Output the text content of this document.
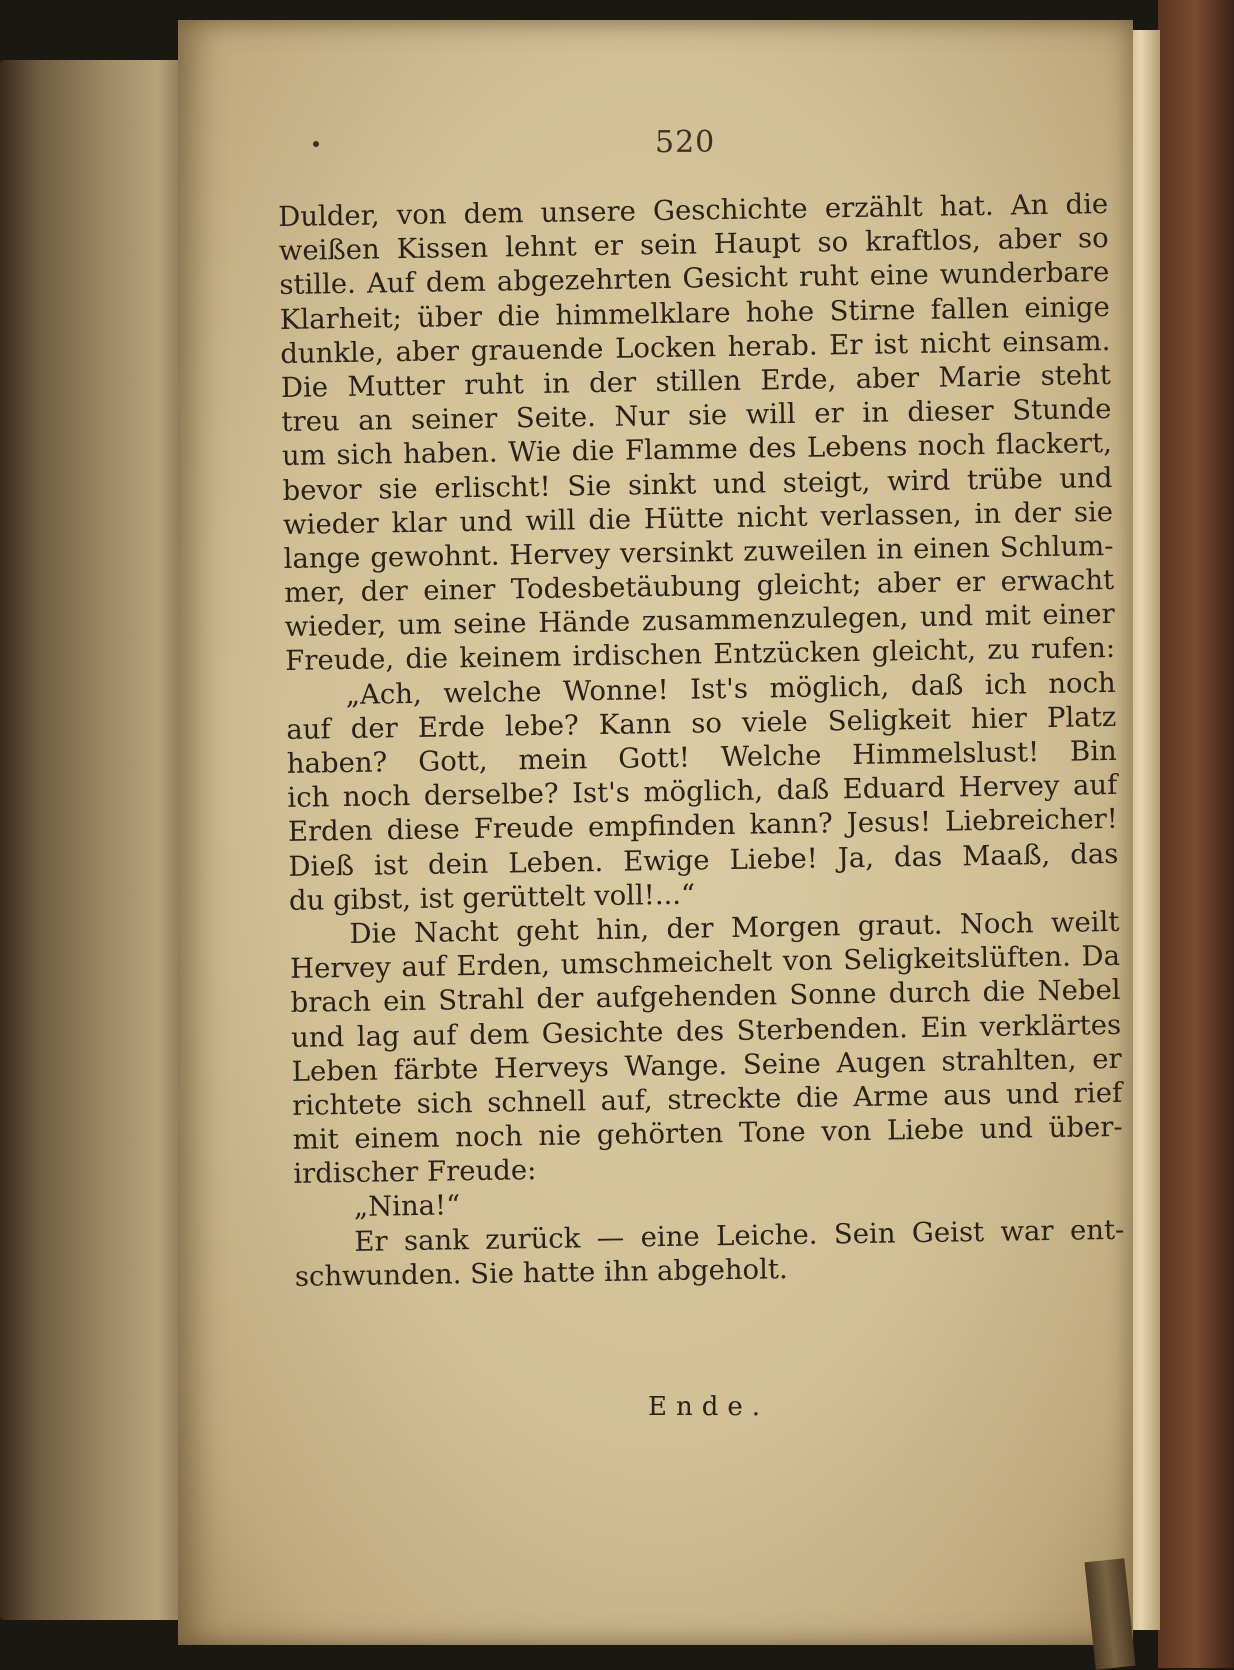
520
Dulder, von dem unsere Geschichte erzählt hat. An die
weißen Kissen lehnt er sein Haupt so kraftlos, aber so
stille. Auf dem abgezehrten Gesicht ruht eine wunderbare
Klarheit; über die himmelklare hohe Stirne fallen einige
dunkle, aber grauende Locken herab. Er ist nicht einsam.
Die Mutter ruht in der stillen Erde, aber Marie steht
treu an seiner Seite. Nur sie will er in dieser Stunde
um sich haben. Wie die Flamme des Lebens noch flackert,
bevor sie erlischt! Sie sinkt und steigt, wird trübe und
wieder klar und will die Hütte nicht verlassen, in der sie
lange gewohnt. Hervey versinkt zuweilen in einen Schlum-
mer, der einer Todesbetäubung gleicht; aber er erwacht
wieder, um seine Hände zusammenzulegen, und mit einer
Freude, die keinem irdischen Entzücken gleicht, zu rufen:
„Ach, welche Wonne! Ist's möglich, daß ich noch
auf der Erde lebe? Kann so viele Seligkeit hier Platz
haben? Gott, mein Gott! Welche Himmelslust! Bin
ich noch derselbe? Ist's möglich, daß Eduard Hervey auf
Erden diese Freude empfinden kann? Jesus! Liebreicher!
Dieß ist dein Leben. Ewige Liebe! Ja, das Maaß, das
du gibst, ist gerüttelt voll!...“
Die Nacht geht hin, der Morgen graut. Noch weilt
Hervey auf Erden, umschmeichelt von Seligkeitslüften. Da
brach ein Strahl der aufgehenden Sonne durch die Nebel
und lag auf dem Gesichte des Sterbenden. Ein verklärtes
Leben färbte Herveys Wange. Seine Augen strahlten, er
richtete sich schnell auf, streckte die Arme aus und rief
mit einem noch nie gehörten Tone von Liebe und über-
irdischer Freude:
„Nina!“
Er sank zurück — eine Leiche. Sein Geist war ent-
schwunden. Sie hatte ihn abgeholt.
Ende.
